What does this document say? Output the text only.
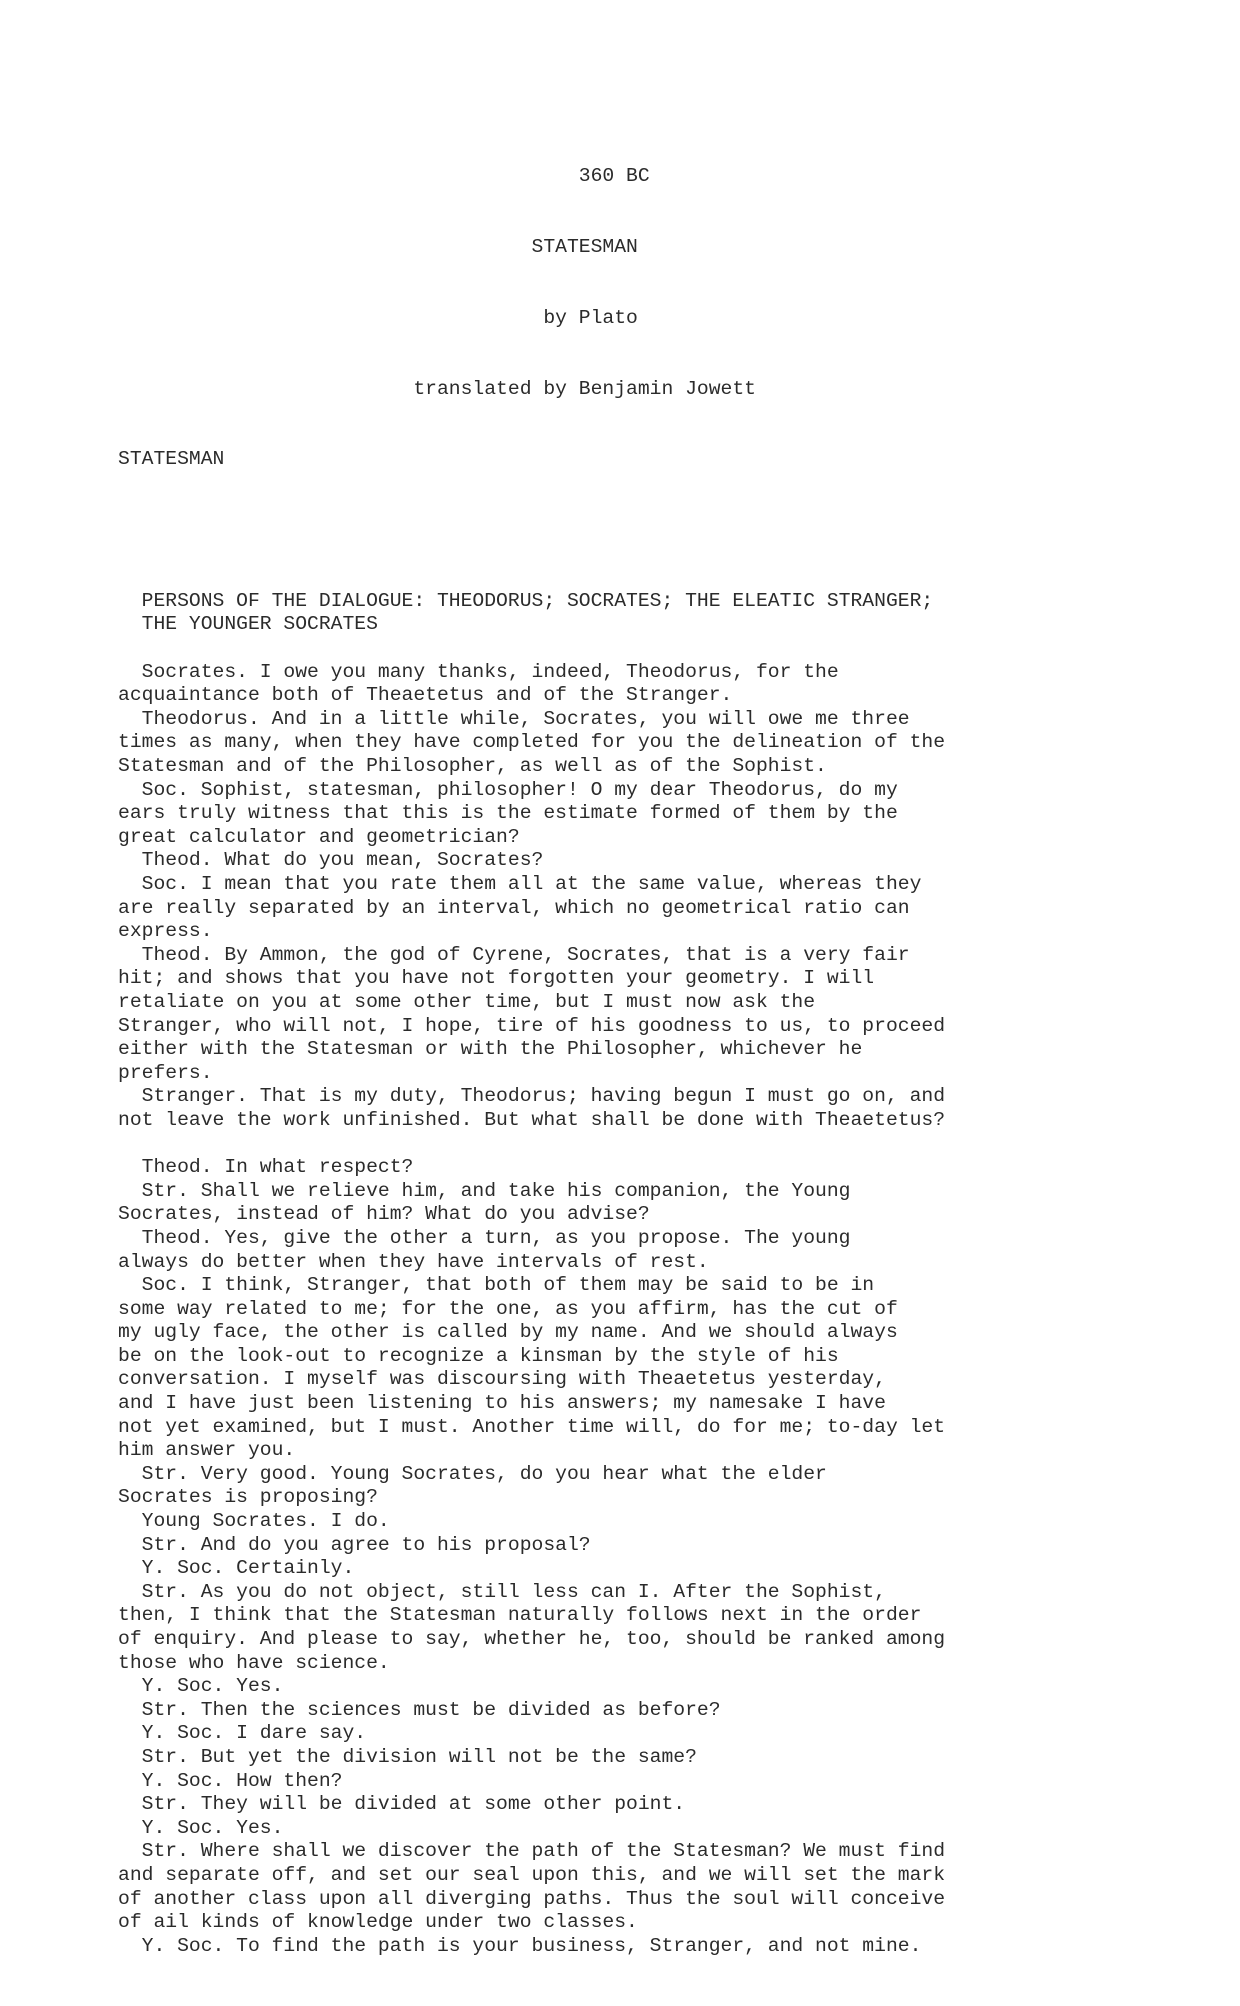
360 BC

STATESMAN

by Plato

translated by Benjamin Jowett

STATESMAN

PERSONS OF THE DIALOGUE: THEODORUS; SOCRATES; THE ELEATIC STRANGER;
THE YOUNGER SOCRATES
Socrates. I owe you many thanks, indeed, Theodorus, for the
acquaintance both of Theaetetus and of the Stranger.
Theodorus. And in a little while, Socrates, you will owe me three
times as many, when they have completed for you the delineation of the
Statesman and of the Philosopher, as well as of the Sophist.
Soc. Sophist, statesman, philosopher! O my dear Theodorus, do my
ears truly witness that this is the estimate formed of them by the
great calculator and geometrician?
Theod. What do you mean, Socrates?
Soc. I mean that you rate them all at the same value, whereas they
are really separated by an interval, which no geometrical ratio can
express.
Theod. By Ammon, the god of Cyrene, Socrates, that is a very fair
hit; and shows that you have not forgotten your geometry. I will
retaliate on you at some other time, but I must now ask the
Stranger, who will not, I hope, tire of his goodness to us, to proceed
either with the Statesman or with the Philosopher, whichever he
prefers.
Stranger. That is my duty, Theodorus; having begun I must go on, and
not leave the work unfinished. But what shall be done with Theaetetus?
Theod. In what respect?
Str. Shall we relieve him, and take his companion, the Young
Socrates, instead of him? What do you advise?
Theod. Yes, give the other a turn, as you propose. The young
always do better when they have intervals of rest.
Soc. I think, Stranger, that both of them may be said to be in
some way related to me; for the one, as you affirm, has the cut of
my ugly face, the other is called by my name. And we should always
be on the look-out to recognize a kinsman by the style of his
conversation. I myself was discoursing with Theaetetus yesterday,
and I have just been listening to his answers; my namesake I have
not yet examined, but I must. Another time will, do for me; to-day let
him answer you.
Str. Very good. Young Socrates, do you hear what the elder
Socrates is proposing?
Young Socrates. I do.
Str. And do you agree to his proposal?
Y. Soc. Certainly.
Str. As you do not object, still less can I. After the Sophist,
then, I think that the Statesman naturally follows next in the order
of enquiry. And please to say, whether he, too, should be ranked among
those who have science.
Y. Soc. Yes.
Str. Then the sciences must be divided as before?
Y. Soc. I dare say.
Str. But yet the division will not be the same?
Y. Soc. How then?
Str. They will be divided at some other point.
Y. Soc. Yes.
Str. Where shall we discover the path of the Statesman? We must find
and separate off, and set our seal upon this, and we will set the mark
of another class upon all diverging paths. Thus the soul will conceive
of ail kinds of knowledge under two classes.
Y. Soc. To find the path is your business, Stranger, and not mine.
